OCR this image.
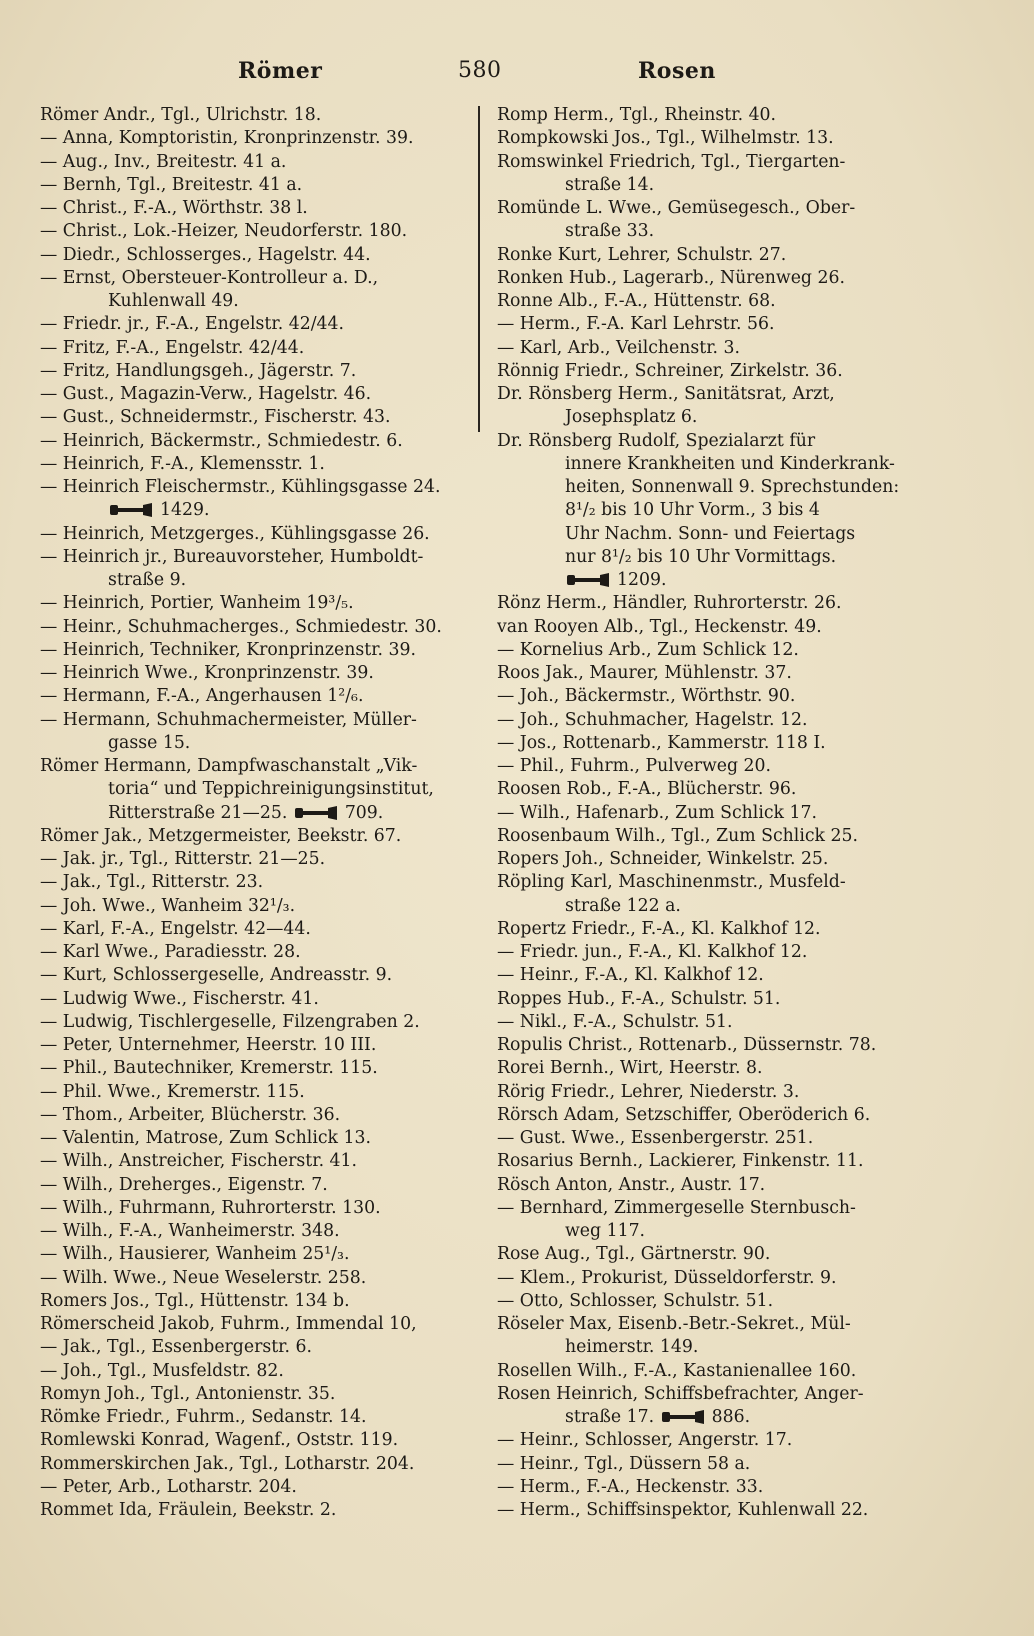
Römer	580	Rosen
Römer Andr., Tgl., Ulrichstr. 18.
— Anna, Komptoristin, Kronprinzenstr. 39.
— Aug., Inv., Breitestr. 41 a.
— Bernh, Tgl., Breitestr. 41 a.
— Christ., F.-A., Wörthstr. 38 l.
— Christ., Lok.-Heizer, Neudorferstr. 180.
— Diedr., Schlosserges., Hagelstr. 44.
— Ernst, Obersteuer-Kontrolleur a. D.,
Kuhlenwall 49.
— Friedr. jr., F.-A., Engelstr. 42/44.
— Fritz, F.-A., Engelstr. 42/44.
— Fritz, Handlungsgeh., Jägerstr. 7.
— Gust., Magazin-Verw., Hagelstr. 46.
— Gust., Schneidermstr., Fischerstr. 43.
— Heinrich, Bäckermstr., Schmiedestr. 6.
— Heinrich, F.-A., Klemensstr. 1.
— Heinrich Fleischermstr., Kühlingsgasse 24.
1429.
— Heinrich, Metzgerges., Kühlingsgasse 26.
— Heinrich jr., Bureauvorsteher, Humboldt-
straße 9.
— Heinrich, Portier, Wanheim 19³/₅.
— Heinr., Schuhmacherges., Schmiedestr. 30.
— Heinrich, Techniker, Kronprinzenstr. 39.
— Heinrich Wwe., Kronprinzenstr. 39.
— Hermann, F.-A., Angerhausen 1²/₆.
— Hermann, Schuhmachermeister, Müller-
gasse 15.
Römer Hermann, Dampfwaschanstalt „Vik-
toria“ und Teppichreinigungsinstitut,
Ritterstraße 21—25.	709.
Römer Jak., Metzgermeister, Beekstr. 67.
— Jak. jr., Tgl., Ritterstr. 21—25.
— Jak., Tgl., Ritterstr. 23.
— Joh. Wwe., Wanheim 32¹/₃.
— Karl, F.-A., Engelstr. 42—44.
— Karl Wwe., Paradiesstr. 28.
— Kurt, Schlossergeselle, Andreasstr. 9.
— Ludwig Wwe., Fischerstr. 41.
— Ludwig, Tischlergeselle, Filzengraben 2.
— Peter, Unternehmer, Heerstr. 10 III.
— Phil., Bautechniker, Kremerstr. 115.
— Phil. Wwe., Kremerstr. 115.
— Thom., Arbeiter, Blücherstr. 36.
— Valentin, Matrose, Zum Schlick 13.
— Wilh., Anstreicher, Fischerstr. 41.
— Wilh., Dreherges., Eigenstr. 7.
— Wilh., Fuhrmann, Ruhrorterstr. 130.
— Wilh., F.-A., Wanheimerstr. 348.
— Wilh., Hausierer, Wanheim 25¹/₃.
— Wilh. Wwe., Neue Weselerstr. 258.
Romers Jos., Tgl., Hüttenstr. 134 b.
Römerscheid Jakob, Fuhrm., Immendal 10,
— Jak., Tgl., Essenbergerstr. 6.
— Joh., Tgl., Musfeldstr. 82.
Romyn Joh., Tgl., Antonienstr. 35.
Römke Friedr., Fuhrm., Sedanstr. 14.
Romlewski Konrad, Wagenf., Oststr. 119.
Rommerskirchen Jak., Tgl., Lotharstr. 204.
— Peter, Arb., Lotharstr. 204.
Rommet Ida, Fräulein, Beekstr. 2.
Romp Herm., Tgl., Rheinstr. 40.
Rompkowski Jos., Tgl., Wilhelmstr. 13.
Romswinkel Friedrich, Tgl., Tiergarten-
straße 14.
Romünde L. Wwe., Gemüsegesch., Ober-
straße 33.
Ronke Kurt, Lehrer, Schulstr. 27.
Ronken Hub., Lagerarb., Nürenweg 26.
Ronne Alb., F.-A., Hüttenstr. 68.
— Herm., F.-A. Karl Lehrstr. 56.
— Karl, Arb., Veilchenstr. 3.
Rönnig Friedr., Schreiner, Zirkelstr. 36.
Dr. Rönsberg Herm., Sanitätsrat, Arzt,
Josephsplatz 6.
Dr. Rönsberg Rudolf, Spezialarzt für
innere Krankheiten und Kinderkrank-
heiten, Sonnenwall 9. Sprechstunden:
8¹/₂ bis 10 Uhr Vorm., 3 bis 4
Uhr Nachm. Sonn- und Feiertags
nur 8¹/₂ bis 10 Uhr Vormittags.
1209.
Rönz Herm., Händler, Ruhrorterstr. 26.
van Rooyen Alb., Tgl., Heckenstr. 49.
— Kornelius Arb., Zum Schlick 12.
Roos Jak., Maurer, Mühlenstr. 37.
— Joh., Bäckermstr., Wörthstr. 90.
— Joh., Schuhmacher, Hagelstr. 12.
— Jos., Rottenarb., Kammerstr. 118 I.
— Phil., Fuhrm., Pulverweg 20.
Roosen Rob., F.-A., Blücherstr. 96.
— Wilh., Hafenarb., Zum Schlick 17.
Roosenbaum Wilh., Tgl., Zum Schlick 25.
Ropers Joh., Schneider, Winkelstr. 25.
Röpling Karl, Maschinenmstr., Musfeld-
straße 122 a.
Ropertz Friedr., F.-A., Kl. Kalkhof 12.
— Friedr. jun., F.-A., Kl. Kalkhof 12.
— Heinr., F.-A., Kl. Kalkhof 12.
Roppes Hub., F.-A., Schulstr. 51.
— Nikl., F.-A., Schulstr. 51.
Ropulis Christ., Rottenarb., Düssernstr. 78.
Rorei Bernh., Wirt, Heerstr. 8.
Rörig Friedr., Lehrer, Niederstr. 3.
Rörsch Adam, Setzschiffer, Oberöderich 6.
— Gust. Wwe., Essenbergerstr. 251.
Rosarius Bernh., Lackierer, Finkenstr. 11.
Rösch Anton, Anstr., Austr. 17.
— Bernhard, Zimmergeselle Sternbusch-
weg 117.
Rose Aug., Tgl., Gärtnerstr. 90.
— Klem., Prokurist, Düsseldorferstr. 9.
— Otto, Schlosser, Schulstr. 51.
Röseler Max, Eisenb.-Betr.-Sekret., Mül-
heimerstr. 149.
Rosellen Wilh., F.-A., Kastanienallee 160.
Rosen Heinrich, Schiffsbefrachter, Anger-
straße 17.	886.
— Heinr., Schlosser, Angerstr. 17.
— Heinr., Tgl., Düssern 58 a.
— Herm., F.-A., Heckenstr. 33.
— Herm., Schiffsinspektor, Kuhlenwall 22.
